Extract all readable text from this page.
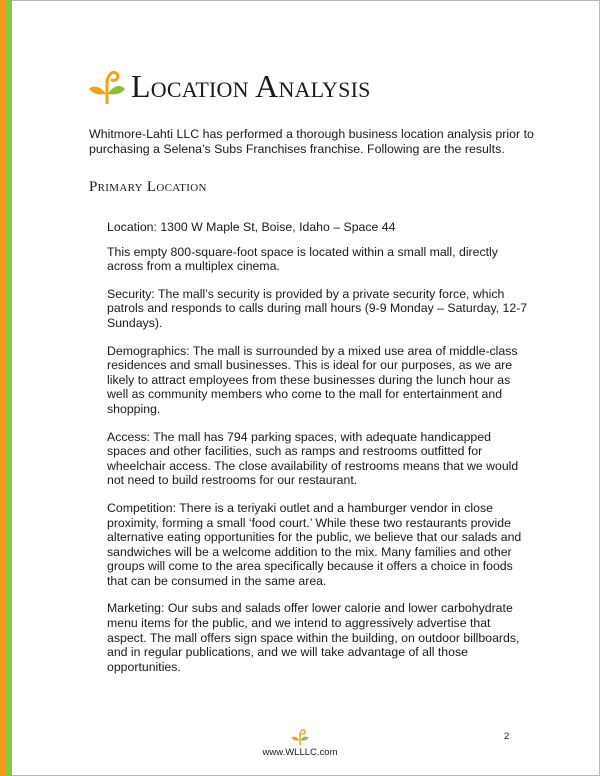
Location Analysis

Whitmore-Lahti LLC has performed a thorough business location analysis prior to purchasing a Selena’s Subs Franchises franchise. Following are the results.

Primary Location

Location: 1300 W Maple St, Boise, Idaho – Space 44

This empty 800-square-foot space is located within a small mall, directly across from a multiplex cinema.

Security: The mall’s security is provided by a private security force, which patrols and responds to calls during mall hours (9-9 Monday – Saturday, 12-7 Sundays).

Demographics: The mall is surrounded by a mixed use area of middle-class residences and small businesses. This is ideal for our purposes, as we are likely to attract employees from these businesses during the lunch hour as well as community members who come to the mall for entertainment and shopping.

Access: The mall has 794 parking spaces, with adequate handicapped spaces and other facilities, such as ramps and restrooms outfitted for wheelchair access. The close availability of restrooms means that we would not need to build restrooms for our restaurant.

Competition: There is a teriyaki outlet and a hamburger vendor in close proximity, forming a small ‘food court.’ While these two restaurants provide alternative eating opportunities for the public, we believe that our salads and sandwiches will be a welcome addition to the mix. Many families and other groups will come to the area specifically because it offers a choice in foods that can be consumed in the same area.

Marketing: Our subs and salads offer lower calorie and lower carbohydrate menu items for the public, and we intend to aggressively advertise that aspect. The mall offers sign space within the building, on outdoor billboards, and in regular publications, and we will take advantage of all those opportunities.

www.WLLLC.com
2
